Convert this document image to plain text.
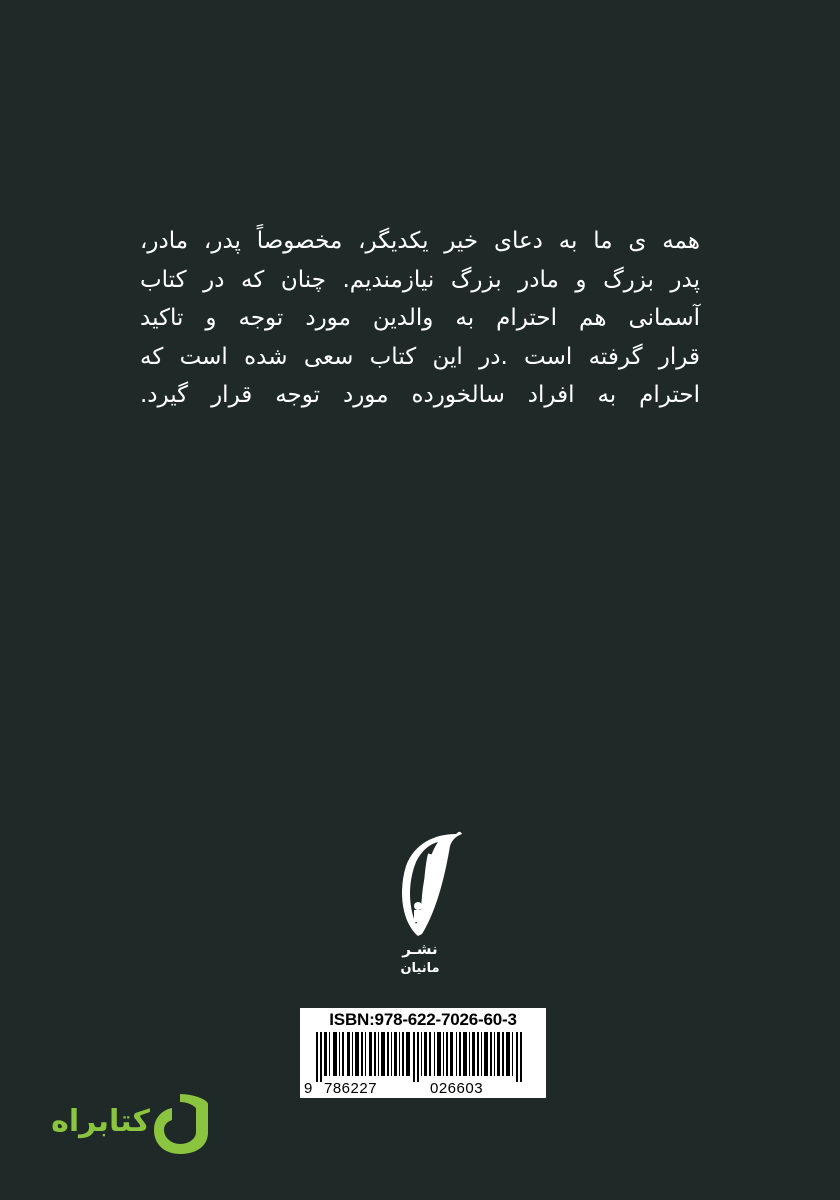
همه ی ما به دعای خیر یکدیگر، مخصوصاً پدر، مادر،
پدر بزرگ و مادر بزرگ نیازمندیم. چنان که در کتاب
آسمانی هم احترام به والدین مورد توجه و تاکید
قرار گرفته است .در این کتاب سعی شده است که
احترام به افراد سالخورده مورد توجه قرار گیرد.
نشـر
مانیان
ISBN:978-622-7026-60-3
9 786227	026603
کتابراه
